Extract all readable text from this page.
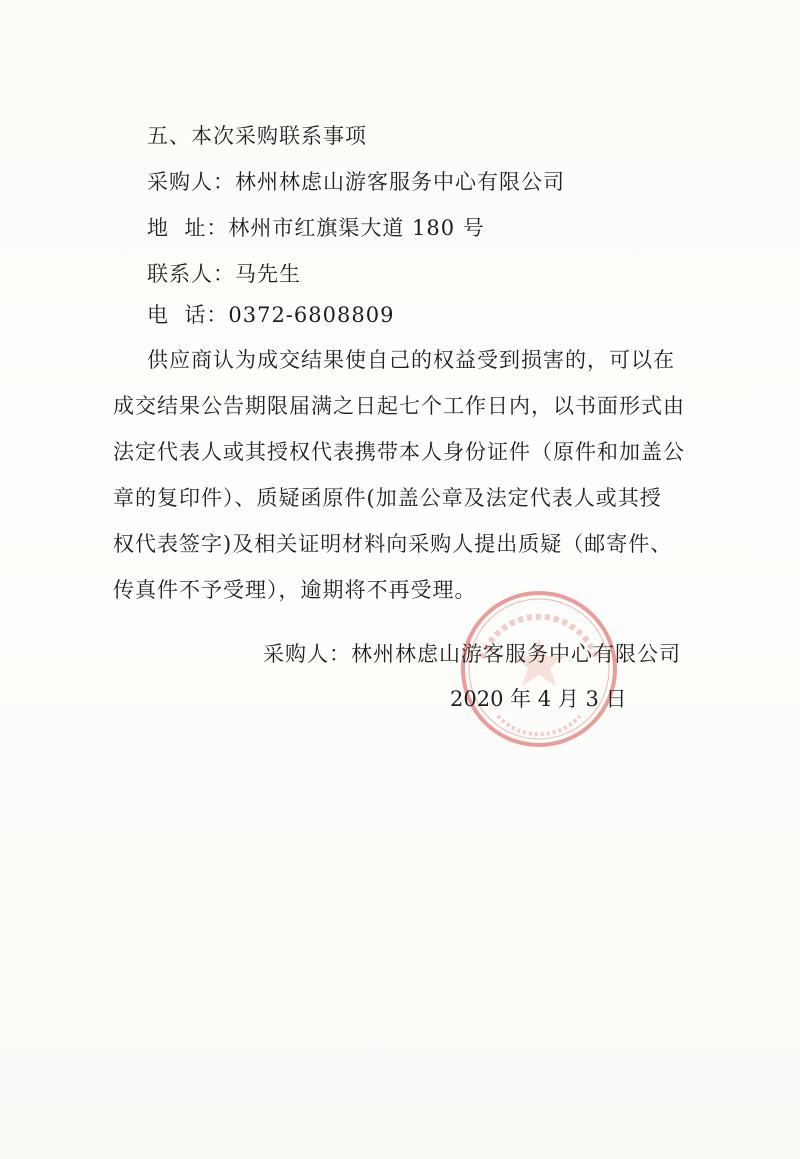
五、本次采购联系事项
采购人：林州林虑山游客服务中心有限公司
地  址：林州市红旗渠大道 180 号
联系人：马先生
电  话：0372-6808809
供应商认为成交结果使自己的权益受到损害的，可以在
成交结果公告期限届满之日起七个工作日内，以书面形式由
法定代表人或其授权代表携带本人身份证件（原件和加盖公
章的复印件）、质疑函原件(加盖公章及法定代表人或其授
权代表签字)及相关证明材料向采购人提出质疑（邮寄件、
传真件不予受理），逾期将不再受理。
采购人：林州林虑山游客服务中心有限公司
2020 年 4 月 3 日
